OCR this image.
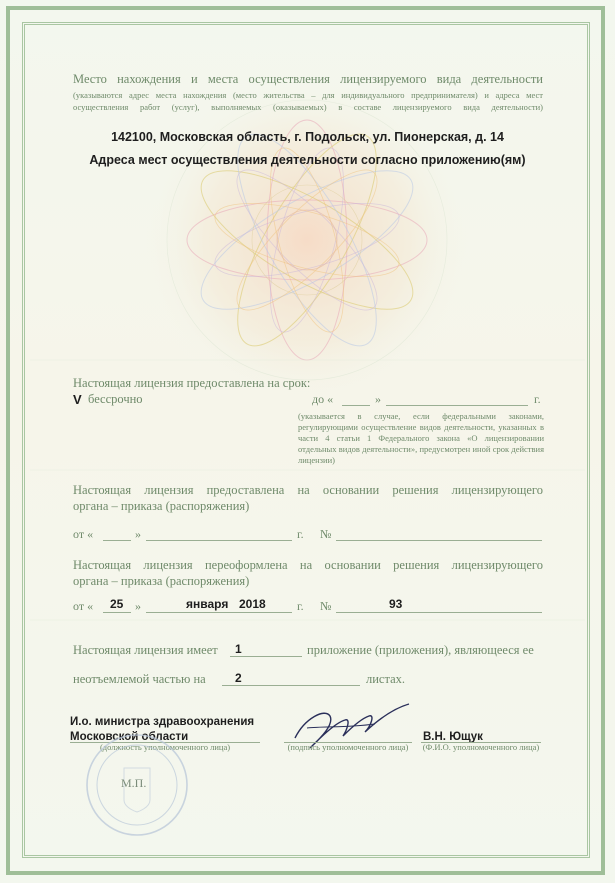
Место нахождения и места осуществления лицензируемого вида деятельности
(указываются адрес места нахождения (место жительства – для индивидуального предпринимателя) и адреса мест
осуществления работ (услуг), выполняемых (оказываемых) в составе лицензируемого вида деятельности)
142100, Московская область, г. Подольск, ул. Пионерская, д. 14
Адреса мест осуществления деятельности согласно приложению(ям)
Настоящая лицензия предоставлена на срок:
V бессрочно	до «	»	г.
(указывается в случае, если федеральными законами, регулирующими осуществление видов деятельности, указанных в части 4 статьи 1 Федерального закона «О лицензировании отдельных видов деятельности», предусмотрен иной срок действия лицензии)
Настоящая лицензия предоставлена на основании решения лицензирующего
органа – приказа (распоряжения)
от «	»	г. №
Настоящая лицензия переоформлена на основании решения лицензирующего
органа – приказа (распоряжения)
от « 25 »	января 2018	г. №	93
Настоящая лицензия имеет 1	приложение (приложения), являющееся ее
неотъемлемой частью на 2	листах.
И.о. министра здравоохранения
Московской области
(должность уполномоченного лица)	(подпись уполномоченного лица)
В.Н. Ющук
(Ф.И.О. уполномоченного лица)
М.П.
